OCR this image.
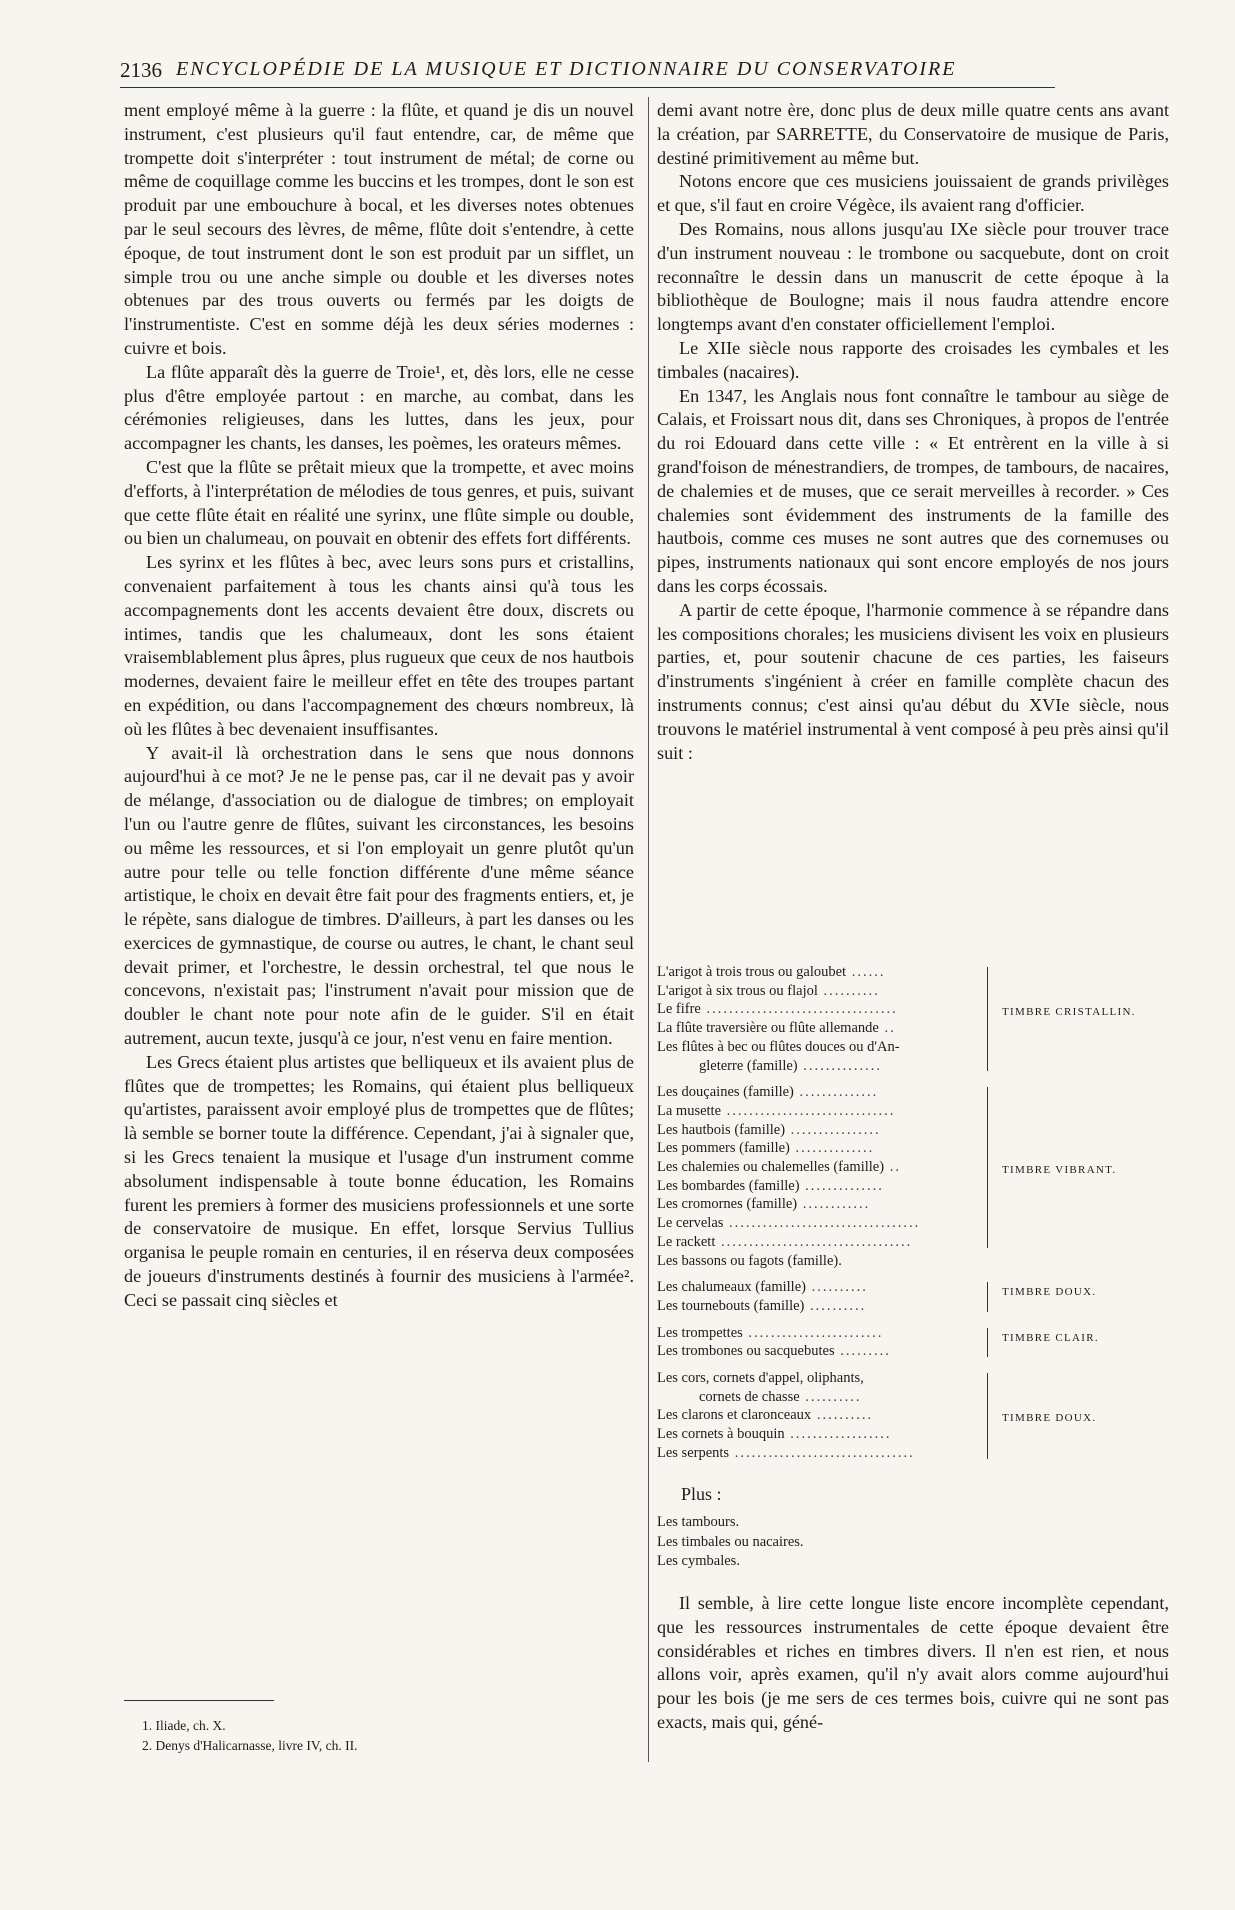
2136 ENCYCLOPÉDIE DE LA MUSIQUE ET DICTIONNAIRE DU CONSERVATOIRE

ment employé même à la guerre : la flûte, et quand je dis un nouvel instrument, c'est plusieurs qu'il faut entendre, car, de même que trompette doit s'interpréter : tout instrument de métal; de corne ou même de coquillage comme les buccins et les trompes, dont le son est produit par une embouchure à bocal, et les diverses notes obtenues par le seul secours des lèvres, de même, flûte doit s'entendre, à cette époque, de tout instrument dont le son est produit par un sifflet, un simple trou ou une anche simple ou double et les diverses notes obtenues par des trous ouverts ou fermés par les doigts de l'instrumentiste. C'est en somme déjà les deux séries modernes : cuivre et bois.

La flûte apparaît dès la guerre de Troie¹, et, dès lors, elle ne cesse plus d'être employée partout : en marche, au combat, dans les cérémonies religieuses, dans les luttes, dans les jeux, pour accompagner les chants, les danses, les poèmes, les orateurs mêmes.

C'est que la flûte se prêtait mieux que la trompette, et avec moins d'efforts, à l'interprétation de mélodies de tous genres, et puis, suivant que cette flûte était en réalité une syrinx, une flûte simple ou double, ou bien un chalumeau, on pouvait en obtenir des effets fort différents.

Les syrinx et les flûtes à bec, avec leurs sons purs et cristallins, convenaient parfaitement à tous les chants ainsi qu'à tous les accompagnements dont les accents devaient être doux, discrets ou intimes, tandis que les chalumeaux, dont les sons étaient vraisemblablement plus âpres, plus rugueux que ceux de nos hautbois modernes, devaient faire le meilleur effet en tête des troupes partant en expédition, ou dans l'accompagnement des chœurs nombreux, là où les flûtes à bec devenaient insuffisantes.

Y avait-il là orchestration dans le sens que nous donnons aujourd'hui à ce mot? Je ne le pense pas, car il ne devait pas y avoir de mélange, d'association ou de dialogue de timbres; on employait l'un ou l'autre genre de flûtes, suivant les circonstances, les besoins ou même les ressources, et si l'on employait un genre plutôt qu'un autre pour telle ou telle fonction différente d'une même séance artistique, le choix en devait être fait pour des fragments entiers, et, je le répète, sans dialogue de timbres. D'ailleurs, à part les danses ou les exercices de gymnastique, de course ou autres, le chant, le chant seul devait primer, et l'orchestre, le dessin orchestral, tel que nous le concevons, n'existait pas; l'instrument n'avait pour mission que de doubler le chant note pour note afin de le guider. S'il en était autrement, aucun texte, jusqu'à ce jour, n'est venu en faire mention.

Les Grecs étaient plus artistes que belliqueux et ils avaient plus de flûtes que de trompettes; les Romains, qui étaient plus belliqueux qu'artistes, paraissent avoir employé plus de trompettes que de flûtes; là semble se borner toute la différence. Cependant, j'ai à signaler que, si les Grecs tenaient la musique et l'usage d'un instrument comme absolument indispensable à toute bonne éducation, les Romains furent les premiers à former des musiciens professionnels et une sorte de conservatoire de musique. En effet, lorsque Servius Tullius organisa le peuple romain en centuries, il en réserva deux composées de joueurs d'instruments destinés à fournir des musiciens à l'armée². Ceci se passait cinq siècles et

1. Iliade, ch. X.
2. Denys d'Halicarnasse, livre IV, ch. II.

demi avant notre ère, donc plus de deux mille quatre cents ans avant la création, par SARRETTE, du Conservatoire de musique de Paris, destiné primitivement au même but.

Notons encore que ces musiciens jouissaient de grands privilèges et que, s'il faut en croire Végèce, ils avaient rang d'officier.

Des Romains, nous allons jusqu'au IXe siècle pour trouver trace d'un instrument nouveau : le trombone ou sacquebute, dont on croit reconnaître le dessin dans un manuscrit de cette époque à la bibliothèque de Boulogne; mais il nous faudra attendre encore longtemps avant d'en constater officiellement l'emploi.

Le XIIe siècle nous rapporte des croisades les cymbales et les timbales (nacaires).

En 1347, les Anglais nous font connaître le tambour au siège de Calais, et Froissart nous dit, dans ses Chroniques, à propos de l'entrée du roi Edouard dans cette ville : « Et entrèrent en la ville à si grand'foison de ménestrandiers, de trompes, de tambours, de nacaires, de chalemies et de muses, que ce serait merveilles à recorder. » Ces chalemies sont évidemment des instruments de la famille des hautbois, comme ces muses ne sont autres que des cornemuses ou pipes, instruments nationaux qui sont encore employés de nos jours dans les corps écossais.

A partir de cette époque, l'harmonie commence à se répandre dans les compositions chorales; les musiciens divisent les voix en plusieurs parties, et, pour soutenir chacune de ces parties, les faiseurs d'instruments s'ingénient à créer en famille complète chacun des instruments connus; c'est ainsi qu'au début du XVIe siècle, nous trouvons le matériel instrumental à vent composé à peu près ainsi qu'il suit :

L'arigot à trois trous ou galoubet ......
L'arigot à six trous ou flajol ..........
Le fifre ..................................
La flûte traversière ou flûte allemande ..
Les flûtes à bec ou flûtes douces ou d'An-
gleterre (famille) ..............
TIMBRE CRISTALLIN.
Les douçaines (famille) ..............
La musette ..............................
Les hautbois (famille) ................
Les pommers (famille) ..............
Les chalemies ou chalemelles (famille) ..
Les bombardes (famille) ..............
Les cromornes (famille) ............
Le cervelas ..................................
Le rackett ..................................
Les bassons ou fagots (famille).
TIMBRE VIBRANT.
Les chalumeaux (famille) ..........
Les tournebouts (famille) ..........
TIMBRE DOUX.
Les trompettes ........................
Les trombones ou sacquebutes .........
TIMBRE CLAIR.
Les cors, cornets d'appel, oliphants,
cornets de chasse ..........
Les clarons et claronceaux ..........
Les cornets à bouquin ..................
Les serpents ................................
TIMBRE DOUX.
Plus :
Les tambours.
Les timbales ou nacaires.
Les cymbales.

Il semble, à lire cette longue liste encore incomplète cependant, que les ressources instrumentales de cette époque devaient être considérables et riches en timbres divers. Il n'en est rien, et nous allons voir, après examen, qu'il n'y avait alors comme aujourd'hui pour les bois (je me sers de ces termes bois, cuivre qui ne sont pas exacts, mais qui, géné-
